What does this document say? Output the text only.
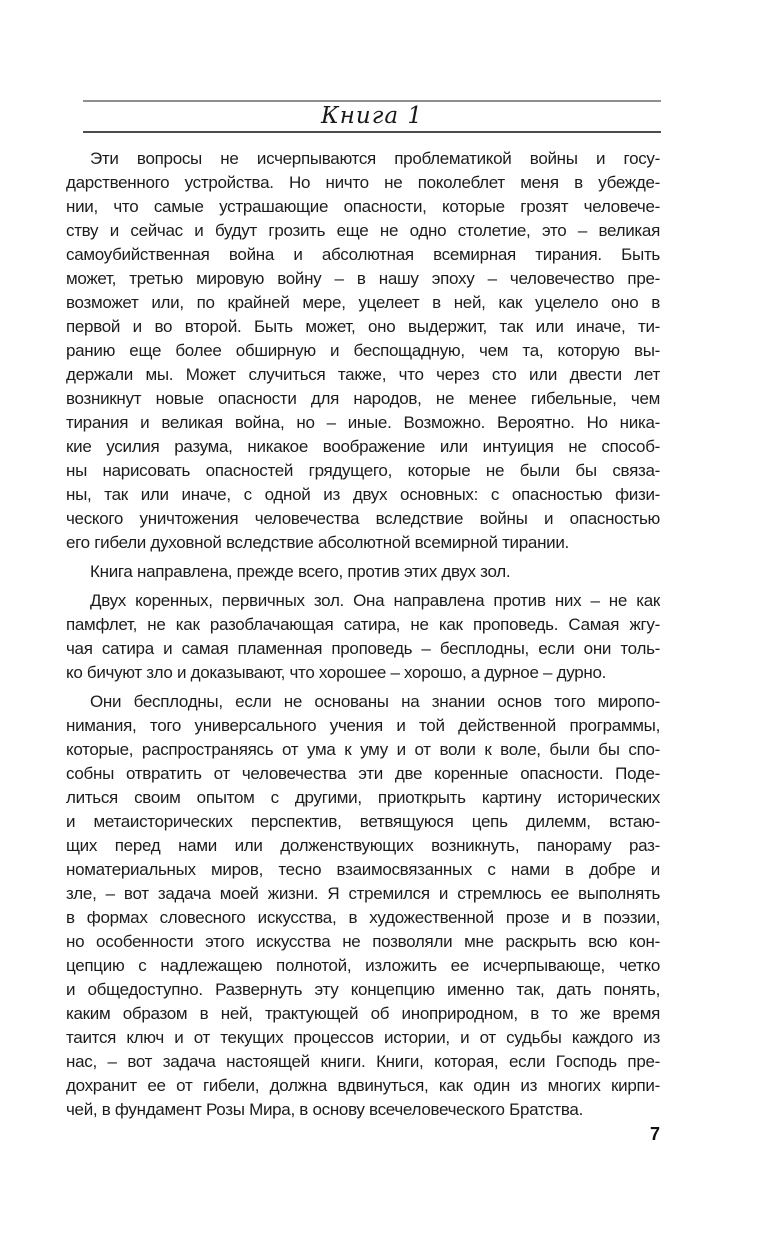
Книга 1

Эти вопросы не исчерпываются проблематикой войны и госу-
дарственного устройства. Но ничто не поколеблет меня в убежде-
нии, что самые устрашающие опасности, которые грозят человече-
ству и сейчас и будут грозить еще не одно столетие, это – великая
самоубийственная война и абсолютная всемирная тирания. Быть
может, третью мировую войну – в нашу эпоху – человечество пре-
возможет или, по крайней мере, уцелеет в ней, как уцелело оно в
первой и во второй. Быть может, оно выдержит, так или иначе, ти-
ранию еще более обширную и беспощадную, чем та, которую вы-
держали мы. Может случиться также, что через сто или двести лет
возникнут новые опасности для народов, не менее гибельные, чем
тирания и великая война, но – иные. Возможно. Вероятно. Но ника-
кие усилия разума, никакое воображение или интуиция не способ-
ны нарисовать опасностей грядущего, которые не были бы связа-
ны, так или иначе, с одной из двух основных: с опасностью физи-
ческого уничтожения человечества вследствие войны и опасностью
его гибели духовной вследствие абсолютной всемирной тирании.

Книга направлена, прежде всего, против этих двух зол.

Двух коренных, первичных зол. Она направлена против них – не как
памфлет, не как разоблачающая сатира, не как проповедь. Самая жгу-
чая сатира и самая пламенная проповедь – бесплодны, если они толь-
ко бичуют зло и доказывают, что хорошее – хорошо, а дурное – дурно.

Они бесплодны, если не основаны на знании основ того миропо-
нимания, того универсального учения и той действенной программы,
которые, распространяясь от ума к уму и от воли к воле, были бы спо-
собны отвратить от человечества эти две коренные опасности. Поде-
литься своим опытом с другими, приоткрыть картину исторических
и метаисторических перспектив, ветвящуюся цепь дилемм, встаю-
щих перед нами или долженствующих возникнуть, панораму раз-
номатериальных миров, тесно взаимосвязанных с нами в добре и
зле, – вот задача моей жизни. Я стремился и стремлюсь ее выполнять
в формах словесного искусства, в художественной прозе и в поэзии,
но особенности этого искусства не позволяли мне раскрыть всю кон-
цепцию с надлежащею полнотой, изложить ее исчерпывающе, четко
и общедоступно. Развернуть эту концепцию именно так, дать понять,
каким образом в ней, трактующей об иноприродном, в то же время
таится ключ и от текущих процессов истории, и от судьбы каждого из
нас, – вот задача настоящей книги. Книги, которая, если Господь пре-
дохранит ее от гибели, должна вдвинуться, как один из многих кирпи-
чей, в фундамент Розы Мира, в основу всечеловеческого Братства.

7
